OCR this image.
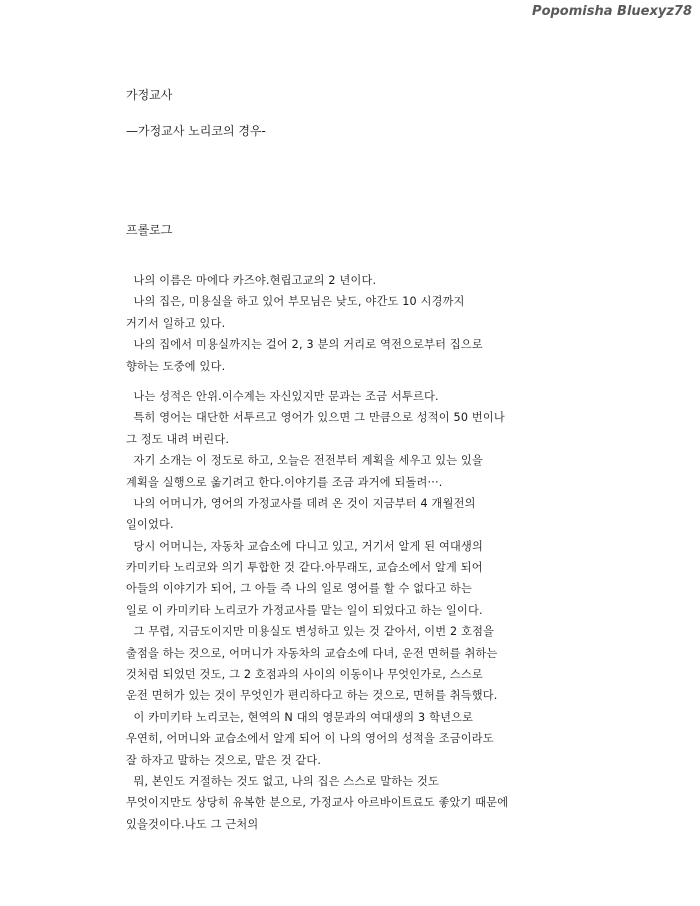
Popomisha Bluexyz78
가정교사
—가정교사 노리코의 경우-
프롤로그
나의 이름은 마에다 카즈야.현립고교의 2 년이다.
나의 집은, 미용실을 하고 있어 부모님은 낮도, 야간도 10 시경까지
거기서 일하고 있다.
나의 집에서 미용실까지는 걸어 2, 3 분의 거리로 역전으로부터 집으로
향하는 도중에 있다.
나는 성적은 안위.이수계는 자신있지만 문과는 조금 서투르다.
특히 영어는 대단한 서투르고 영어가 있으면 그 만큼으로 성적이 50 번이나
그 정도 내려 버린다.
자기 소개는 이 정도로 하고, 오늘은 전전부터 계획을 세우고 있는 있을
계획을 실행으로 옮기려고 한다.이야기를 조금 과거에 되돌려···.
나의 어머니가, 영어의 가정교사를 데려 온 것이 지금부터 4 개월전의
일이었다.
당시 어머니는, 자동차 교습소에 다니고 있고, 거기서 알게 된 여대생의
카미키타 노리코와 의기 투합한 것 같다.아무래도, 교습소에서 알게 되어
아들의 이야기가 되어, 그 아들 즉 나의 일로 영어를 할 수 없다고 하는
일로 이 카미키타 노리코가 가정교사를 맡는 일이 되었다고 하는 일이다.
그 무렵, 지금도이지만 미용실도 변성하고 있는 것 같아서, 이번 2 호점을
출점을 하는 것으로, 어머니가 자동차의 교습소에 다녀, 운전 면허를 취하는
것처럼 되었던 것도, 그 2 호점과의 사이의 이동이나 무엇인가로, 스스로
운전 면허가 있는 것이 무엇인가 편리하다고 하는 것으로, 면허를 취득했다.
이 카미키타 노리코는, 현역의 N 대의 영문과의 여대생의 3 학년으로
우연히, 어머니와 교습소에서 알게 되어 이 나의 영어의 성적을 조금이라도
잘 하자고 말하는 것으로, 맡은 것 같다.
뭐, 본인도 거절하는 것도 없고, 나의 집은 스스로 말하는 것도
무엇이지만도 상당히 유복한 분으로, 가정교사 아르바이트료도 좋았기 때문에
있을것이다.나도 그 근처의
